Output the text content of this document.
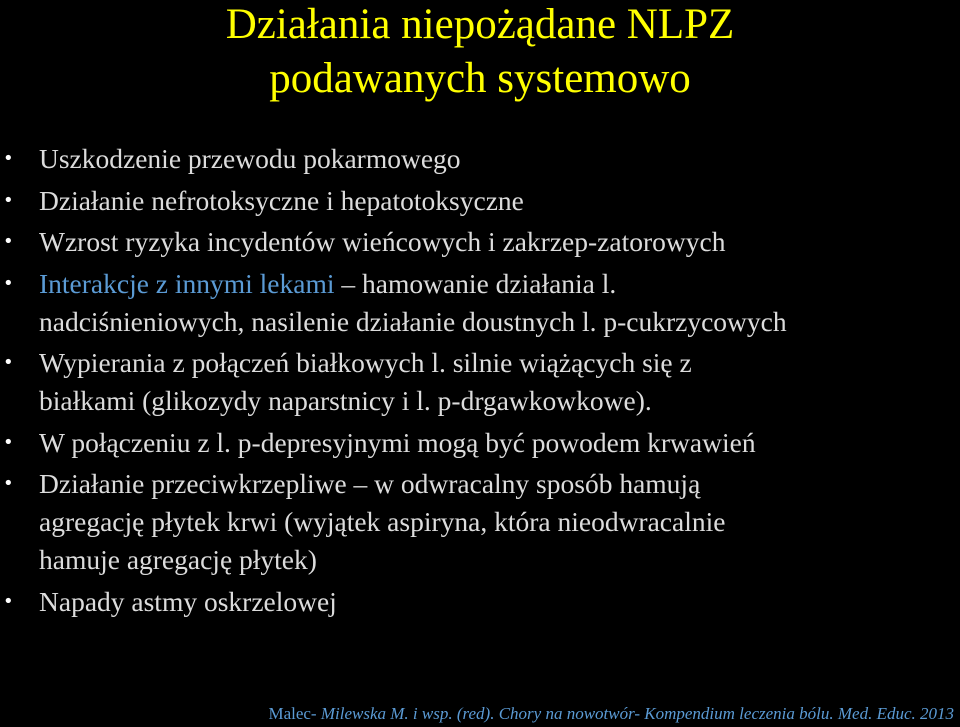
Działania niepożądane NLPZ
podawanych systemowo
• Uszkodzenie przewodu pokarmowego
• Działanie nefrotoksyczne i hepatotoksyczne
• Wzrost ryzyka incydentów wieńcowych i zakrzep-zatorowych
• Interakcje z innymi lekami – hamowanie działania l.
nadciśnieniowych, nasilenie działanie doustnych l. p-cukrzycowych
• Wypierania z połączeń białkowych l. silnie wiążących się z
białkami (glikozydy naparstnicy i l. p-drgawkowkowe).
• W połączeniu z l. p-depresyjnymi mogą być powodem krwawień
• Działanie przeciwkrzepliwe – w odwracalny sposób hamują
agregację płytek krwi (wyjątek aspiryna, która nieodwracalnie
hamuje agregację płytek)
• Napady astmy oskrzelowej
Malec- Milewska M. i wsp. (red). Chory na nowotwór- Kompendium leczenia bólu. Med. Educ. 2013
